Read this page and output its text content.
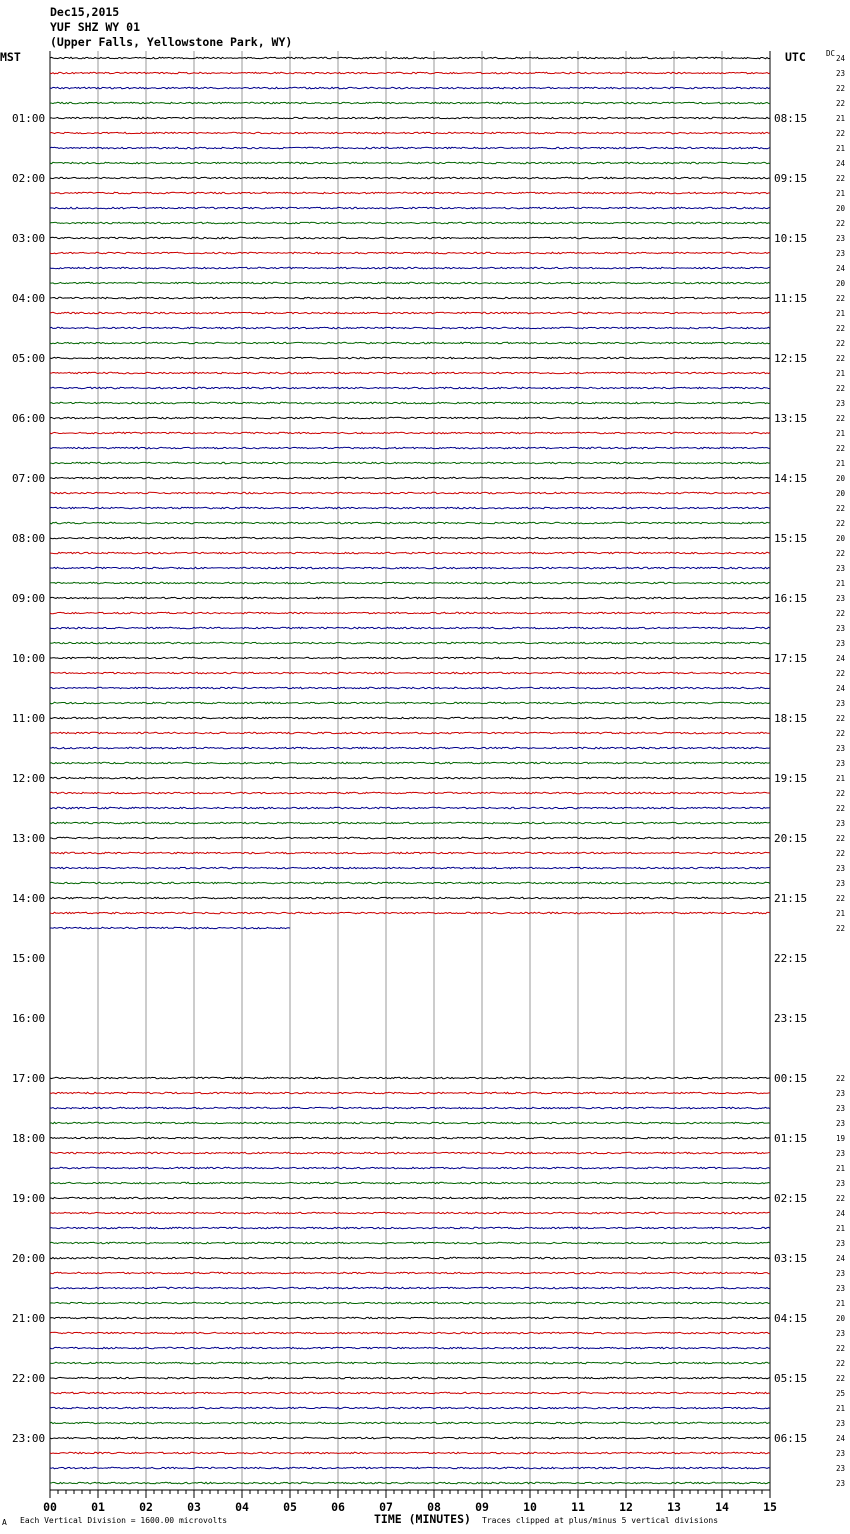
Dec15,2015
YUF SHZ WY 01
(Upper Falls, Yellowstone Park, WY)
MST	UTC	DC
01:00
02:00
03:00
04:00
05:00
06:00
07:00
08:00
09:00
10:00
11:00
12:00
13:00
14:00
15:00
16:00
17:00
18:00
19:00
20:00
21:00
22:00
23:00
08:15
09:15
10:15
11:15
12:15
13:15
14:15
15:15
16:15
17:15
18:15
19:15
20:15
21:15
22:15
23:15
00:15
01:15
02:15
03:15
04:15
05:15
06:15
24
23
22
22
21
22
21
24
22
21
20
22
23
23
24
20
22
21
22
22
22
21
22
23
22
21
22
21
20
20
22
22
20
22
23
21
23
22
23
23
24
22
24
23
22
22
23
23
21
22
22
23
22
22
23
23
22
21
22
22
23
23
23
19
23
21
23
22
24
21
23
24
23
23
21
20
23
22
22
22
25
21
23
24
23
23
23
00	01	02	03	04	05	06	07	08	09	10	11	12	13	14	15
A Each Vertical Division = 1600.00 microvolts	TIME (MINUTES) Traces clipped at plus/minus 5 vertical divisions
